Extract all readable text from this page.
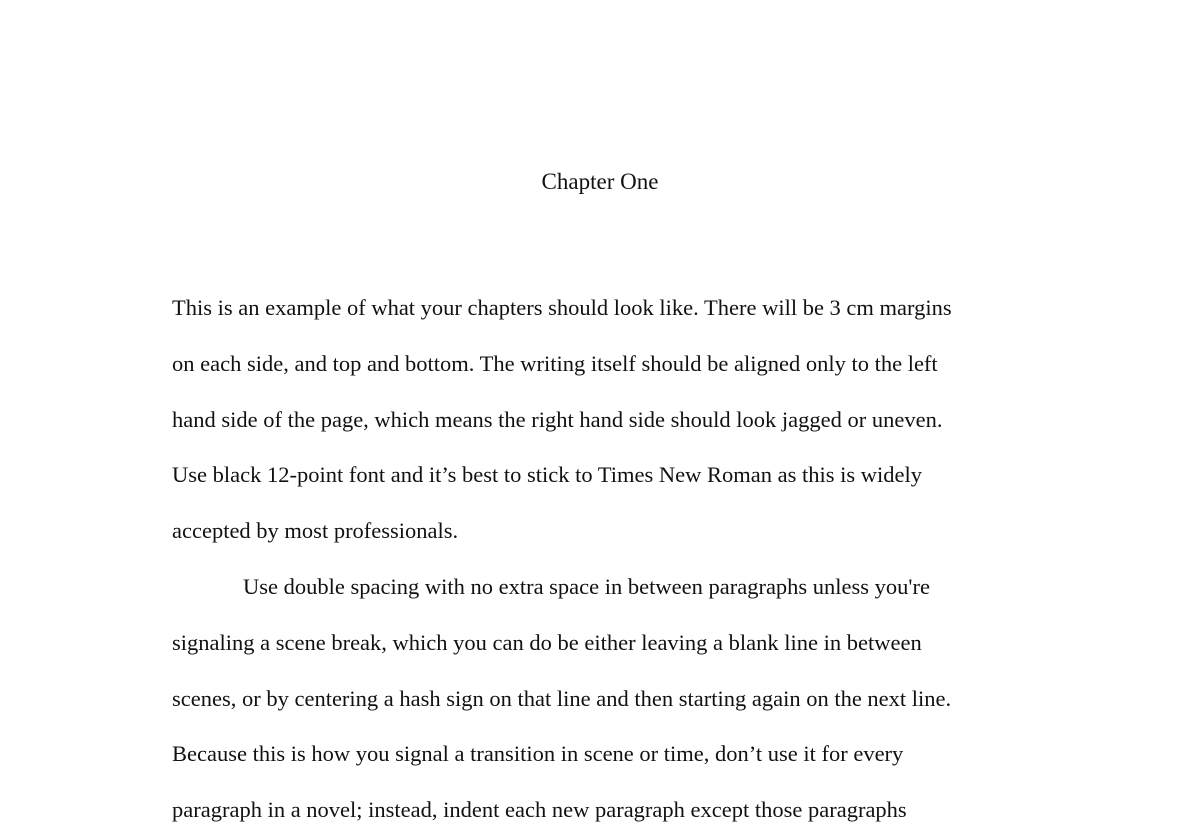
Chapter One
This is an example of what your chapters should look like. There will be 3 cm margins
on each side, and top and bottom. The writing itself should be aligned only to the left
hand side of the page, which means the right hand side should look jagged or uneven.
Use black 12-point font and it’s best to stick to Times New Roman as this is widely
accepted by most professionals.
Use double spacing with no extra space in between paragraphs unless you're
signaling a scene break, which you can do be either leaving a blank line in between
scenes, or by centering a hash sign on that line and then starting again on the next line.
Because this is how you signal a transition in scene or time, don’t use it for every
paragraph in a novel; instead, indent each new paragraph except those paragraphs
